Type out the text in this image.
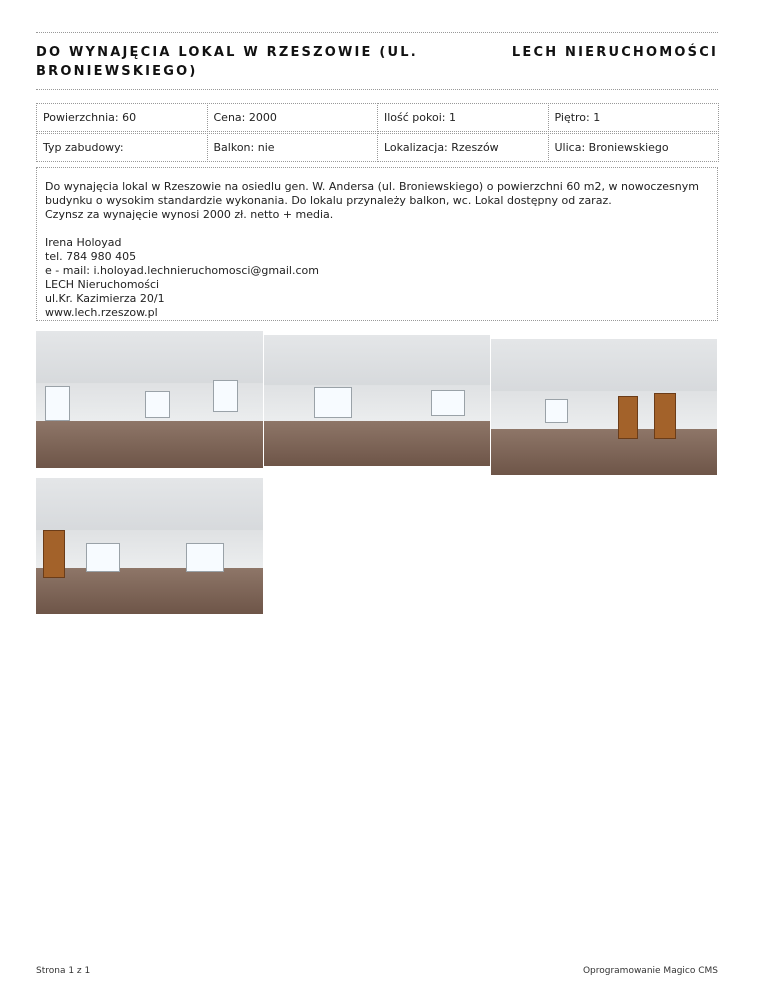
DO WYNAJĘCIA LOKAL W RZESZOWIE (UL. BRONIEWSKIEGO)
LECH NIERUCHOMOŚCI
Powierzchnia: 60	Cena: 2000	Ilość pokoi: 1	Piętro: 1
Typ zabudowy:	Balkon: nie	Lokalizacja: Rzeszów	Ulica: Broniewskiego

Do wynajęcia lokal w Rzeszowie na osiedlu gen. W. Andersa (ul. Broniewskiego) o powierzchni 60 m2, w nowoczesnym budynku o wysokim standardzie wykonania. Do lokalu przynależy balkon, wc. Lokal dostępny od zaraz.

Czynsz za wynajęcie wynosi 2000 zł. netto + media.

Irena Holoyad

tel. 784 980 405

e - mail: i.holoyad.lechnieruchomosci@gmail.com

LECH Nieruchomości

ul.Kr. Kazimierza 20/1

www.lech.rzeszow.pl

Strona 1 z 1	Oprogramowanie Magico CMS
